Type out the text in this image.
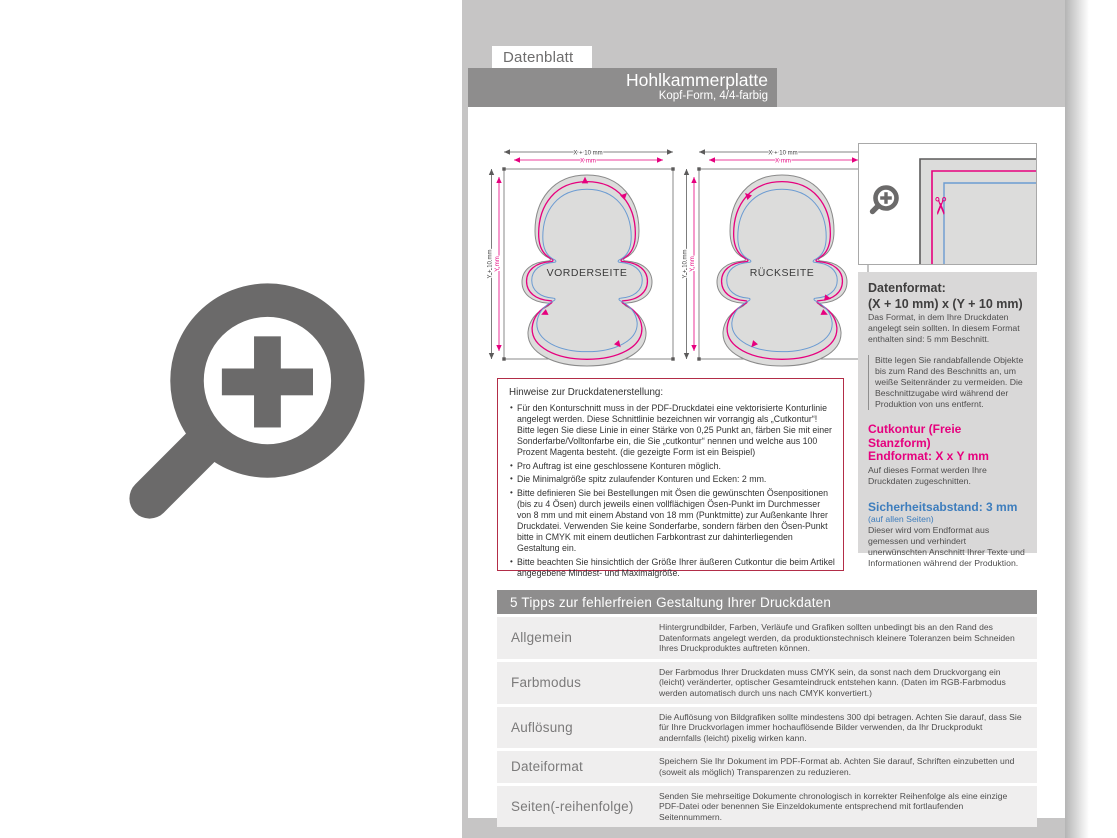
Datenblatt
Hohlkammerplatte
Kopf-Form, 4/4-farbig
X + 10 mm
X mm
Y + 10 mm Y mm
VORDERSEITE
X + 10 mm
X mm
Y + 10 mm Y mm
RÜCKSEITE
✂
Datenformat:
(X + 10 mm) x (Y + 10 mm)
Das Format, in dem Ihre Druckdaten angelegt sein sollten. In diesem Format enthalten sind: 5 mm Beschnitt.
Bitte legen Sie randabfallende Objekte bis zum Rand des Beschnitts an, um weiße Seitenränder zu vermeiden. Die Beschnittzugabe wird während der Produktion von uns entfernt.
Cutkontur (Freie Stanzform)
Endformat: X x Y mm
Auf dieses Format werden Ihre Druckdaten zugeschnitten.
Sicherheitsabstand: 3 mm
(auf allen Seiten)
Dieser wird vom Endformat aus gemessen und verhindert unerwünschten Anschnitt Ihrer Texte und Informationen während der Produktion.
Hinweise zur Druckdatenerstellung:
• Für den Konturschnitt muss in der PDF-Druckdatei eine vektorisierte Konturlinie angelegt werden. Diese Schnittlinie bezeichnen wir vorrangig als „Cutkontur“! Bitte legen Sie diese Linie in einer Stärke von 0,25 Punkt an, färben Sie mit einer Sonderfarbe/Volltonfarbe ein, die Sie „cutkontur“ nennen und welche aus 100 Prozent Magenta besteht. (die gezeigte Form ist ein Beispiel)
• Pro Auftrag ist eine geschlossene Konturen möglich.
• Die Minimalgröße spitz zulaufender Konturen und Ecken: 2 mm.
• Bitte definieren Sie bei Bestellungen mit Ösen die gewünschten Ösenpositionen (bis zu 4 Ösen) durch jeweils einen vollflächigen Ösen-Punkt im Durchmesser von 8 mm und mit einem Abstand von 18 mm (Punktmitte) zur Außenkante Ihrer Druckdatei. Verwenden Sie keine Sonderfarbe, sondern färben den Ösen-Punkt bitte in CMYK mit einem deutlichen Farbkontrast zur dahinterliegenden Gestaltung ein.
• Bitte beachten Sie hinsichtlich der Größe Ihrer äußeren Cutkontur die beim Artikel angegebene Mindest- und Maximalgröße.
5 Tipps zur fehlerfreien Gestaltung Ihrer Druckdaten
Allgemein
Hintergrundbilder, Farben, Verläufe und Grafiken sollten unbedingt bis an den Rand des Datenformats angelegt werden, da produktionstechnisch kleinere Toleranzen beim Schneiden Ihres Druckproduktes auftreten können.
Farbmodus
Der Farbmodus Ihrer Druckdaten muss CMYK sein, da sonst nach dem Druckvorgang ein (leicht) veränderter, optischer Gesamteindruck entstehen kann. (Daten im RGB-Farbmodus werden automatisch durch uns nach CMYK konvertiert.)
Auflösung
Die Auflösung von Bildgrafiken sollte mindestens 300 dpi betragen. Achten Sie darauf, dass Sie für Ihre Druckvorlagen immer hochauflösende Bilder verwenden, da Ihr Druckprodukt andernfalls (leicht) pixelig wirken kann.
Dateiformat	Speichern Sie Ihr Dokument im PDF-Format ab. Achten Sie darauf, Schriften einzubetten und (soweit als möglich) Transparenzen zu reduzieren.
Seiten(-reihenfolge)
Senden Sie mehrseitige Dokumente chronologisch in korrekter Reihenfolge als eine einzige PDF-Datei oder benennen Sie Einzeldokumente entsprechend mit fortlaufenden Seitennummern.
